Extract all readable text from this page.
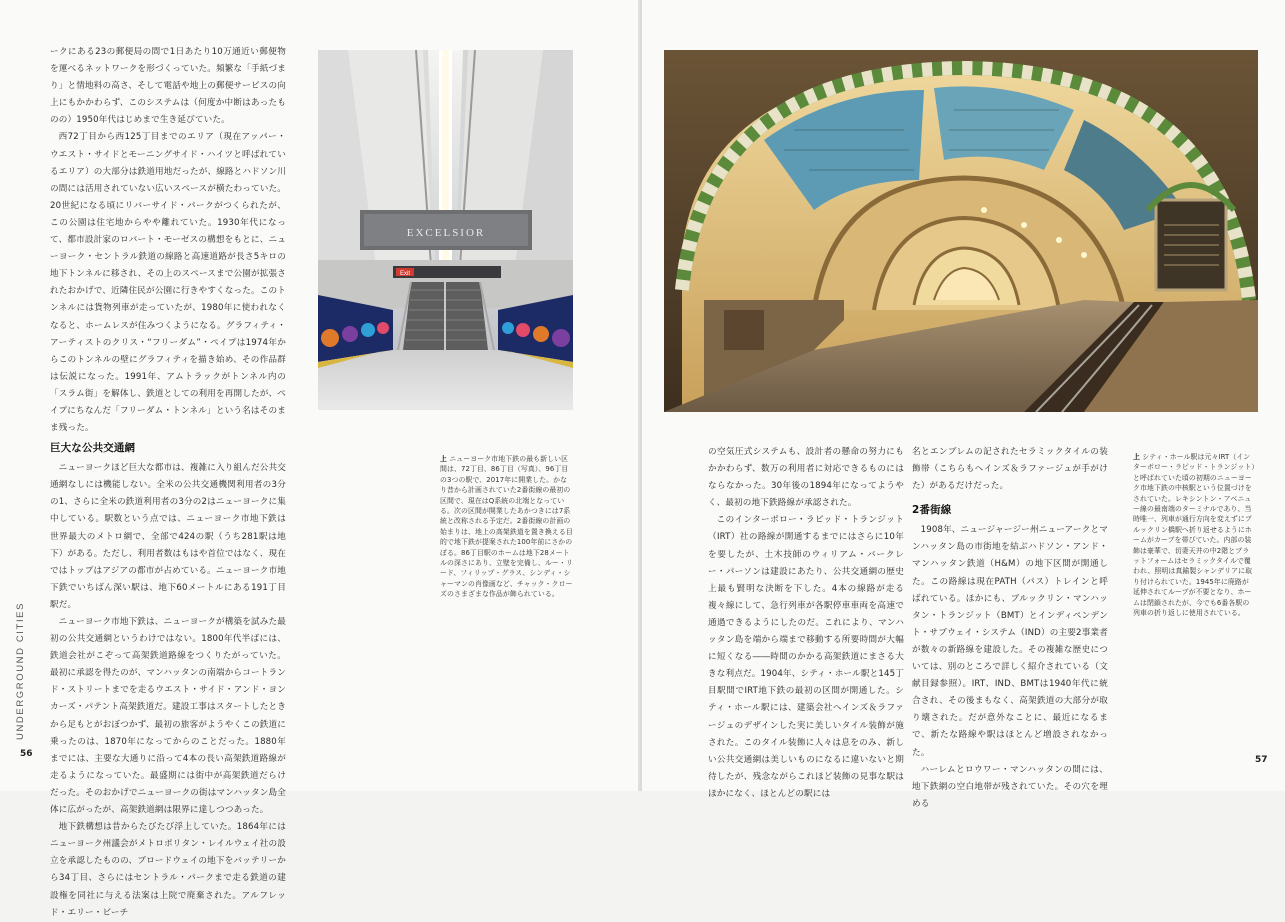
ークにある23の郵便局の間で1日あたり10万通近い郵便物を運べるネットワークを形づくっていた。頻繁な「手紙づまり」と情地料の高さ、そして電話や地上の郵便サービスの向上にもかかわらず、このシステムは（何度か中断はあったものの）1950年代はじめまで生き延びていた。

西72丁目から西125丁目までのエリア（現在アッパー・ウエスト・サイドとモーニングサイド・ハイツと呼ばれているエリア）の大部分は鉄道用地だったが、線路とハドソン川の間には活用されていない広いスペースが横たわっていた。20世紀になる頃にリバーサイド・パークがつくられたが、この公園は住宅地からやや離れていた。1930年代になって、都市設計家のロバート・モーゼスの構想をもとに、ニューヨーク・セントラル鉄道の線路と高速道路が長さ5キロの地下トンネルに移され、その上のスペースまで公園が拡張されたおかげで、近隣住民が公園に行きやすくなった。このトンネルには貨物列車が走っていたが、1980年に使われなくなると、ホームレスが住みつくようになる。グラフィティ・アーティストのクリス・“フリーダム”・ペイプは1974年からこのトンネルの壁にグラフィティを描き始め、その作品群は伝説になった。1991年、アムトラックがトンネル内の「スラム街」を解体し、鉄道としての利用を再開したが、ペイプにちなんだ「フリーダム・トンネル」という名はそのまま残った。

巨大な公共交通網

ニューヨークほど巨大な都市は、複雑に入り組んだ公共交通網なしには機能しない。全米の公共交通機関利用者の3分の1、さらに全米の鉄道利用者の3分の2はニューヨークに集中している。駅数という点では、ニューヨーク市地下鉄は世界最大のメトロ網で、全部で424の駅（うち281駅は地下）がある。ただし、利用者数はもはや首位ではなく、現在ではトップはアジアの都市が占めている。ニューヨーク市地下鉄でいちばん深い駅は、地下60メートルにある191丁目駅だ。

ニューヨーク市地下鉄は、ニューヨークが構築を試みた最初の公共交通網というわけではない。1800年代半ばには、鉄道会社がこぞって高架鉄道路線をつくりたがっていた。最初に承認を得たのが、マンハッタンの南端からコートランド・ストリートまでを走るウエスト・サイド・アンド・ヨンカーズ・パテント高架鉄道だ。建設工事はスタートしたときから足もとがおぼつかず、最初の旅客がようやくこの鉄道に乗ったのは、1870年になってからのことだった。1880年までには、主要な大通りに沿って4本の長い高架鉄道路線が走るようになっていた。最盛期には街中が高架鉄道だらけだった。そのおかげでニューヨークの街はマンハッタン島全体に広がったが、高架鉄道網は限界に達しつつあった。

地下鉄構想は昔からたびたび浮上していた。1864年にはニューヨーク州議会がメトロポリタン・レイルウェイ社の設立を承認したものの、ブロードウェイの地下をバッテリーから34丁目、さらにはセントラル・パークまで走る鉄道の建設権を同社に与える法案は上院で廃棄された。アルフレッド・エリー・ビーチ

EXCELSIOR
Exit
上 ニューヨーク市地下鉄の最も新しい区間は、72丁目、86丁目（写真）、96丁目の3つの駅で、2017年に開業した。かなり昔から計画されていた2番街線の最初の区間で、現在はQ系統の北端となっている。次の区間が開業したあかつきには7系統と改称される予定だ。2番街線の計画の始まりは、地上の高架鉄道を置き換える目的で地下鉄が提案された100年前にさかのぼる。86丁目駅のホームは地下28メートルの深さにあり、立壁を完備し、ルー・リード、フィリップ・グラス、シンディ・シャーマンの肖像画など、チャック・クローズのさまざまな作品が飾られている。
UNDERGROUND CITIES
56

の空気圧式システムも、設計者の懸命の努力にもかかわらず、数万の利用者に対応できるものにはならなかった。30年後の1894年になってようやく、最初の地下鉄路線が承認された。

このインターボロー・ラピッド・トランジット（IRT）社の路線が開通するまでにはさらに10年を要したが、土木技師のウィリアム・バークレー・パーソンは建設にあたり、公共交通網の歴史上最も賢明な決断を下した。4本の線路が走る複々線にして、急行列車が各駅停車車両を高速で通過できるようにしたのだ。これにより、マンハッタン島を端から端まで移動する所要時間が大幅に短くなる――時間のかかる高架鉄道にまさる大きな利点だ。1904年、シティ・ホール駅と145丁目駅間でIRT地下鉄の最初の区間が開通した。シティ・ホール駅には、建築会社ヘインズ＆ラファージュのデザインした実に美しいタイル装飾が施された。このタイル装飾に人々は息をのみ、新しい公共交通網は美しいものになるに違いないと期待したが、残念ながらこれほど装飾の見事な駅はほかになく、ほとんどの駅には

名とエンブレムの記されたセラミックタイルの装飾帯（こちらもヘインズ＆ラファージュが手がけた）があるだけだった。

2番街線

1908年、ニュージャージー州ニューアークとマンハッタン島の市街地を結ぶハドソン・アンド・マンハッタン鉄道（H&M）の地下区間が開通した。この路線は現在PATH（パス）トレインと呼ばれている。ほかにも、ブルックリン・マンハッタン・トランジット（BMT）とインディペンデント・サブウェイ・システム（IND）の主要2事業者が数々の新路線を建設した。その複雑な歴史については、別のところで詳しく紹介されている（文献目録参照）。IRT、IND、BMTは1940年代に統合され、その後まもなく、高架鉄道の大部分が取り壊された。だが意外なことに、最近になるまで、新たな路線や駅はほとんど増設されなかった。

ハーレムとロウワー・マンハッタンの間には、地下鉄網の空白地帯が残されていた。その穴を埋める

上 シティ・ホール駅は元々IRT（インターボロー・ラピッド・トランジット）と呼ばれていた頃の初期のニューヨーク市地下鉄の中核駅という位置づけをされていた。レキシントン・アベニュー線の最南端のターミナルであり、当時唯一、列車が通行方向を変えずにブルックリン橋駅へ折り返せるようにホームがカーブを帯びていた。内部の装飾は豪華で、切妻天井の中2階とプラットフォームはセラミックタイルで覆われ、照明は真鍮製シャンデリアに取り付けられていた。1945年に廃路が延伸されてループが不要となり、ホームは閉鎖されたが、今でも6番各駅の列車の折り返しに使用されている。
57
